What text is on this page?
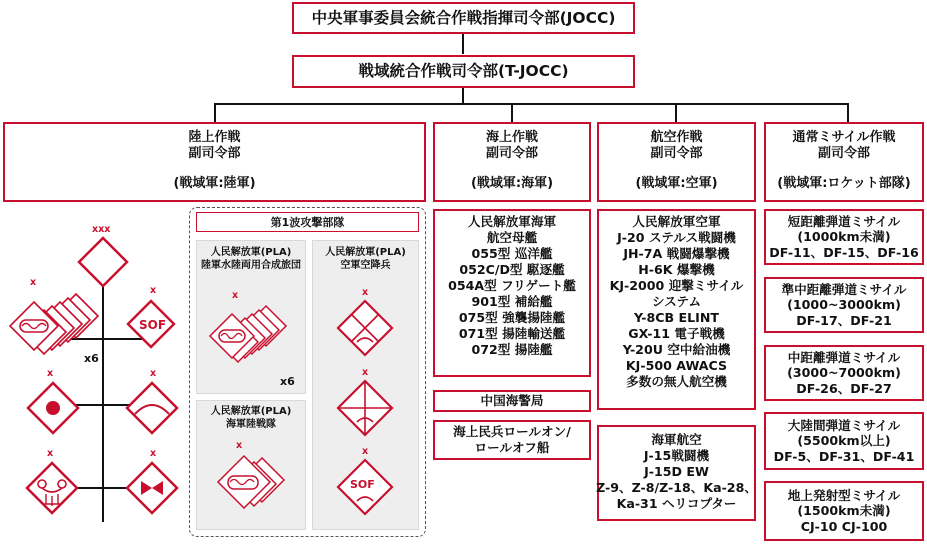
中央軍事委員会統合作戦指揮司令部(JOCC)
戦域統合作戦司令部(T-JOCC)
陸上作戦
副司令部
(戦域軍:陸軍)
海上作戦
副司令部
(戦域軍:海軍)
航空作戦
副司令部
(戦域軍:空軍)
通常ミサイル作戦
副司令部
(戦域軍:ロケット部隊)
人民解放軍海軍
航空母艦
055型 巡洋艦
052C/D型 駆逐艦
054A型 フリゲート艦
901型 補給艦
075型 強襲揚陸艦
071型 揚陸輸送艦
072型 揚陸艦
中国海警局
海上民兵ロールオン/
ロールオフ船
人民解放軍空軍
J-20 ステルス戦闘機
JH-7A 戦闘爆撃機
H-6K 爆撃機
KJ-2000 迎撃ミサイル
システム
Y-8CB ELINT
GX-11 電子戦機
Y-20U 空中給油機
KJ-500 AWACS
多数の無人航空機
海軍航空
J-15戦闘機
J-15D EW
Z-9、Z-8/Z-18、Ka-28、
Ka-31 ヘリコプター
短距離弾道ミサイル
(1000km未満)
DF-11、DF-15、DF-16
準中距離弾道ミサイル
(1000~3000km)
DF-17、DF-21
中距離弾道ミサイル
(3000~7000km)
DF-26、DF-27
大陸間弾道ミサイル
(5500km以上)
DF-5、DF-31、DF-41
地上発射型ミサイル
(1500km未満)
CJ-10 CJ-100
xxx
x
x6
x
SOF
x	x
x	x
第1波攻撃部隊
人民解放軍(PLA)
陸軍水陸両用合成旅団
x
x6
人民解放軍(PLA)
海軍陸戦隊
x
人民解放軍(PLA)
空軍空降兵
x
x
x
SOF
